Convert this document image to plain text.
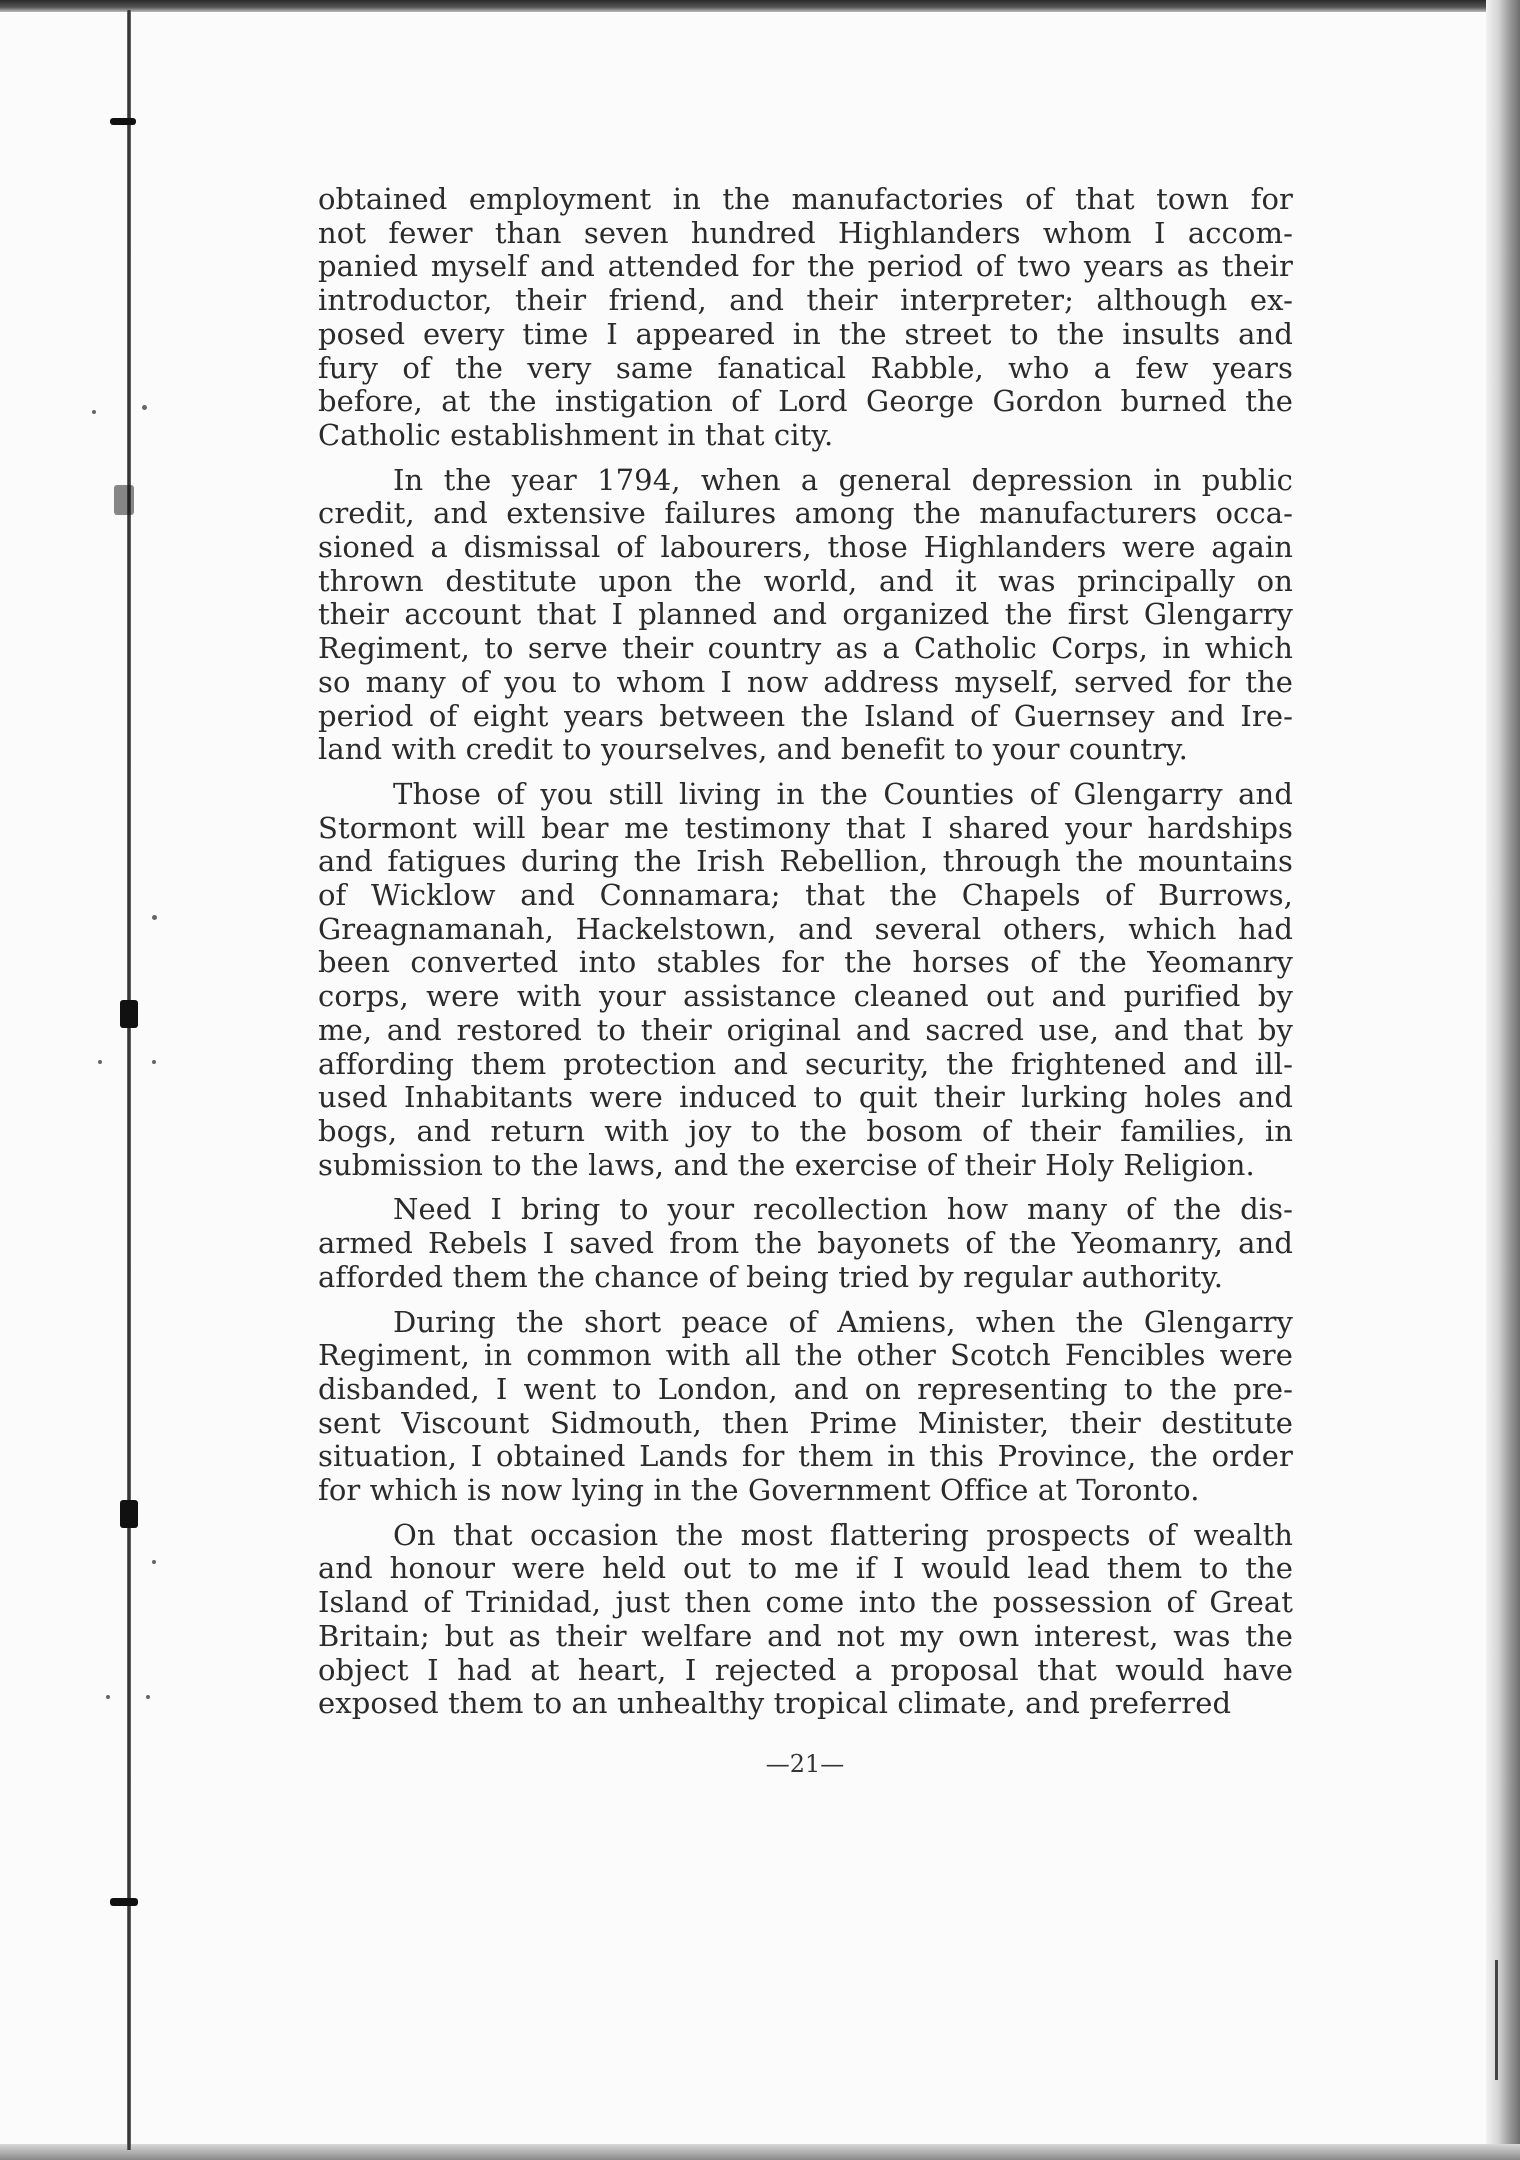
obtained employment in the manufactories of that town for
not fewer than seven hundred Highlanders whom I accom-
panied myself and attended for the period of two years as their
introductor, their friend, and their interpreter; although ex-
posed every time I appeared in the street to the insults and
fury of the very same fanatical Rabble, who a few years
before, at the instigation of Lord George Gordon burned the
Catholic establishment in that city.
In the year 1794, when a general depression in public
credit, and extensive failures among the manufacturers occa-
sioned a dismissal of labourers, those Highlanders were again
thrown destitute upon the world, and it was principally on
their account that I planned and organized the first Glengarry
Regiment, to serve their country as a Catholic Corps, in which
so many of you to whom I now address myself, served for the
period of eight years between the Island of Guernsey and Ire-
land with credit to yourselves, and benefit to your country.
Those of you still living in the Counties of Glengarry and
Stormont will bear me testimony that I shared your hardships
and fatigues during the Irish Rebellion, through the mountains
of Wicklow and Connamara; that the Chapels of Burrows,
Greagnamanah, Hackelstown, and several others, which had
been converted into stables for the horses of the Yeomanry
corps, were with your assistance cleaned out and purified by
me, and restored to their original and sacred use, and that by
affording them protection and security, the frightened and ill-
used Inhabitants were induced to quit their lurking holes and
bogs, and return with joy to the bosom of their families, in
submission to the laws, and the exercise of their Holy Religion.
Need I bring to your recollection how many of the dis-
armed Rebels I saved from the bayonets of the Yeomanry, and
afforded them the chance of being tried by regular authority.
During the short peace of Amiens, when the Glengarry
Regiment, in common with all the other Scotch Fencibles were
disbanded, I went to London, and on representing to the pre-
sent Viscount Sidmouth, then Prime Minister, their destitute
situation, I obtained Lands for them in this Province, the order
for which is now lying in the Government Office at Toronto.
On that occasion the most flattering prospects of wealth
and honour were held out to me if I would lead them to the
Island of Trinidad, just then come into the possession of Great
Britain; but as their welfare and not my own interest, was the
object I had at heart, I rejected a proposal that would have
exposed them to an unhealthy tropical climate, and preferred
—21—
